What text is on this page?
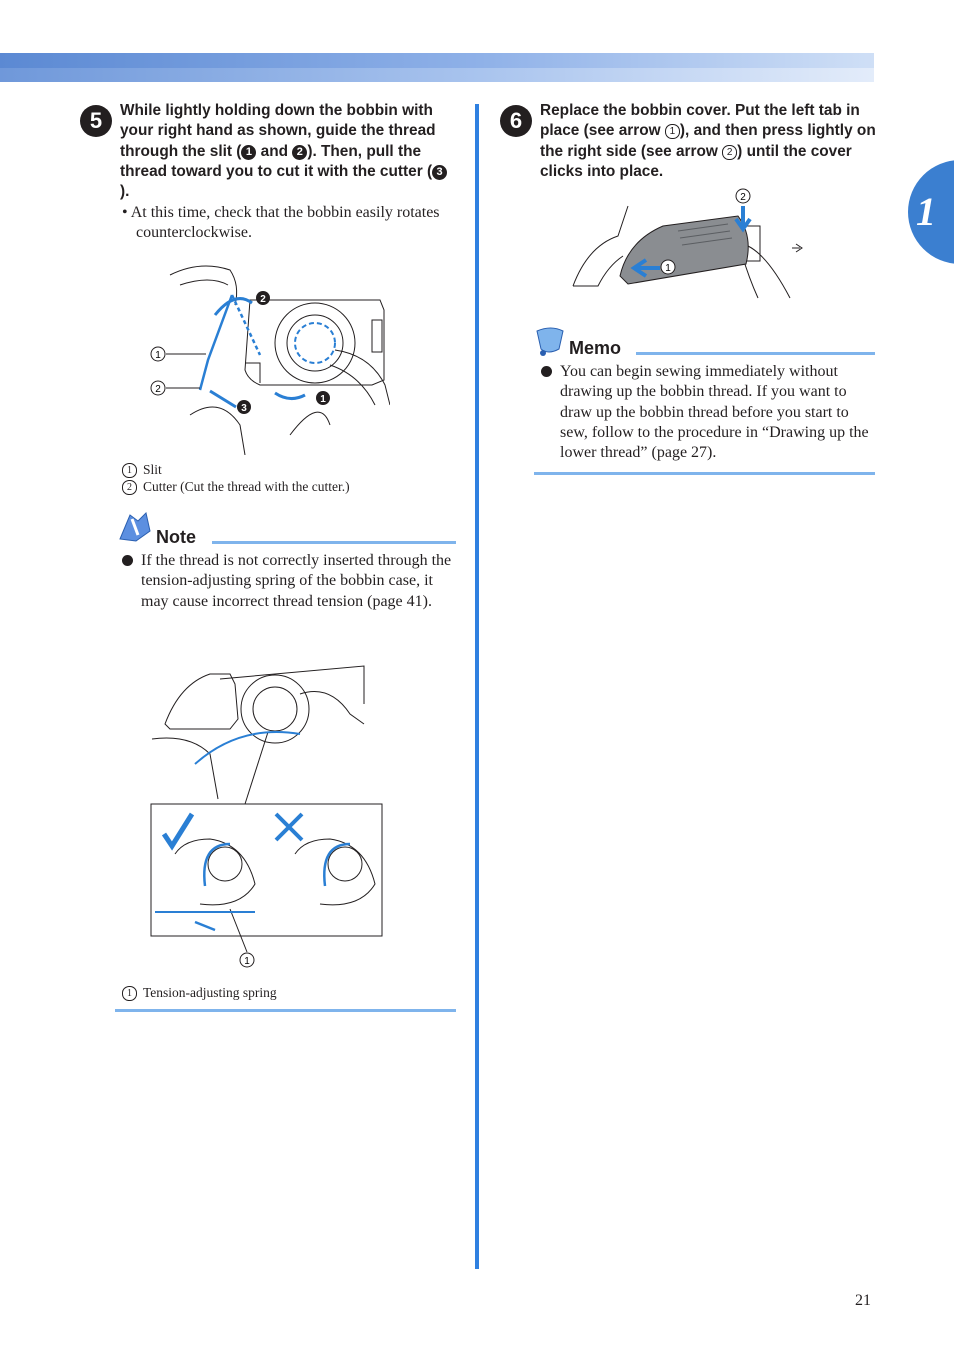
1
5	While lightly holding down the bobbin with your right hand as shown, guide the thread through the slit ( 1 and 2 ). Then, pull the thread toward you to cut it with the cutter ( 3).
• At this time, check that the bobbin easily rotates counterclockwise.
1
2
2
3
1
1 Slit
2 Cutter (Cut the thread with the cutter.)
Note
If the thread is not correctly inserted through the tension-adjusting spring of the bobbin case, it may cause incorrect thread tension (page 41).
1
1 Tension-adjusting spring
6	Replace the bobbin cover. Put the left tab in place (see arrow 1 ), and then press lightly on the right side (see arrow 2 ) until the cover clicks into place.
2
1
Memo
You can begin sewing immediately without drawing up the bobbin thread. If you want to draw up the bobbin thread before you start to sew, follow to the procedure in “Drawing up the lower thread” (page 27).
21
